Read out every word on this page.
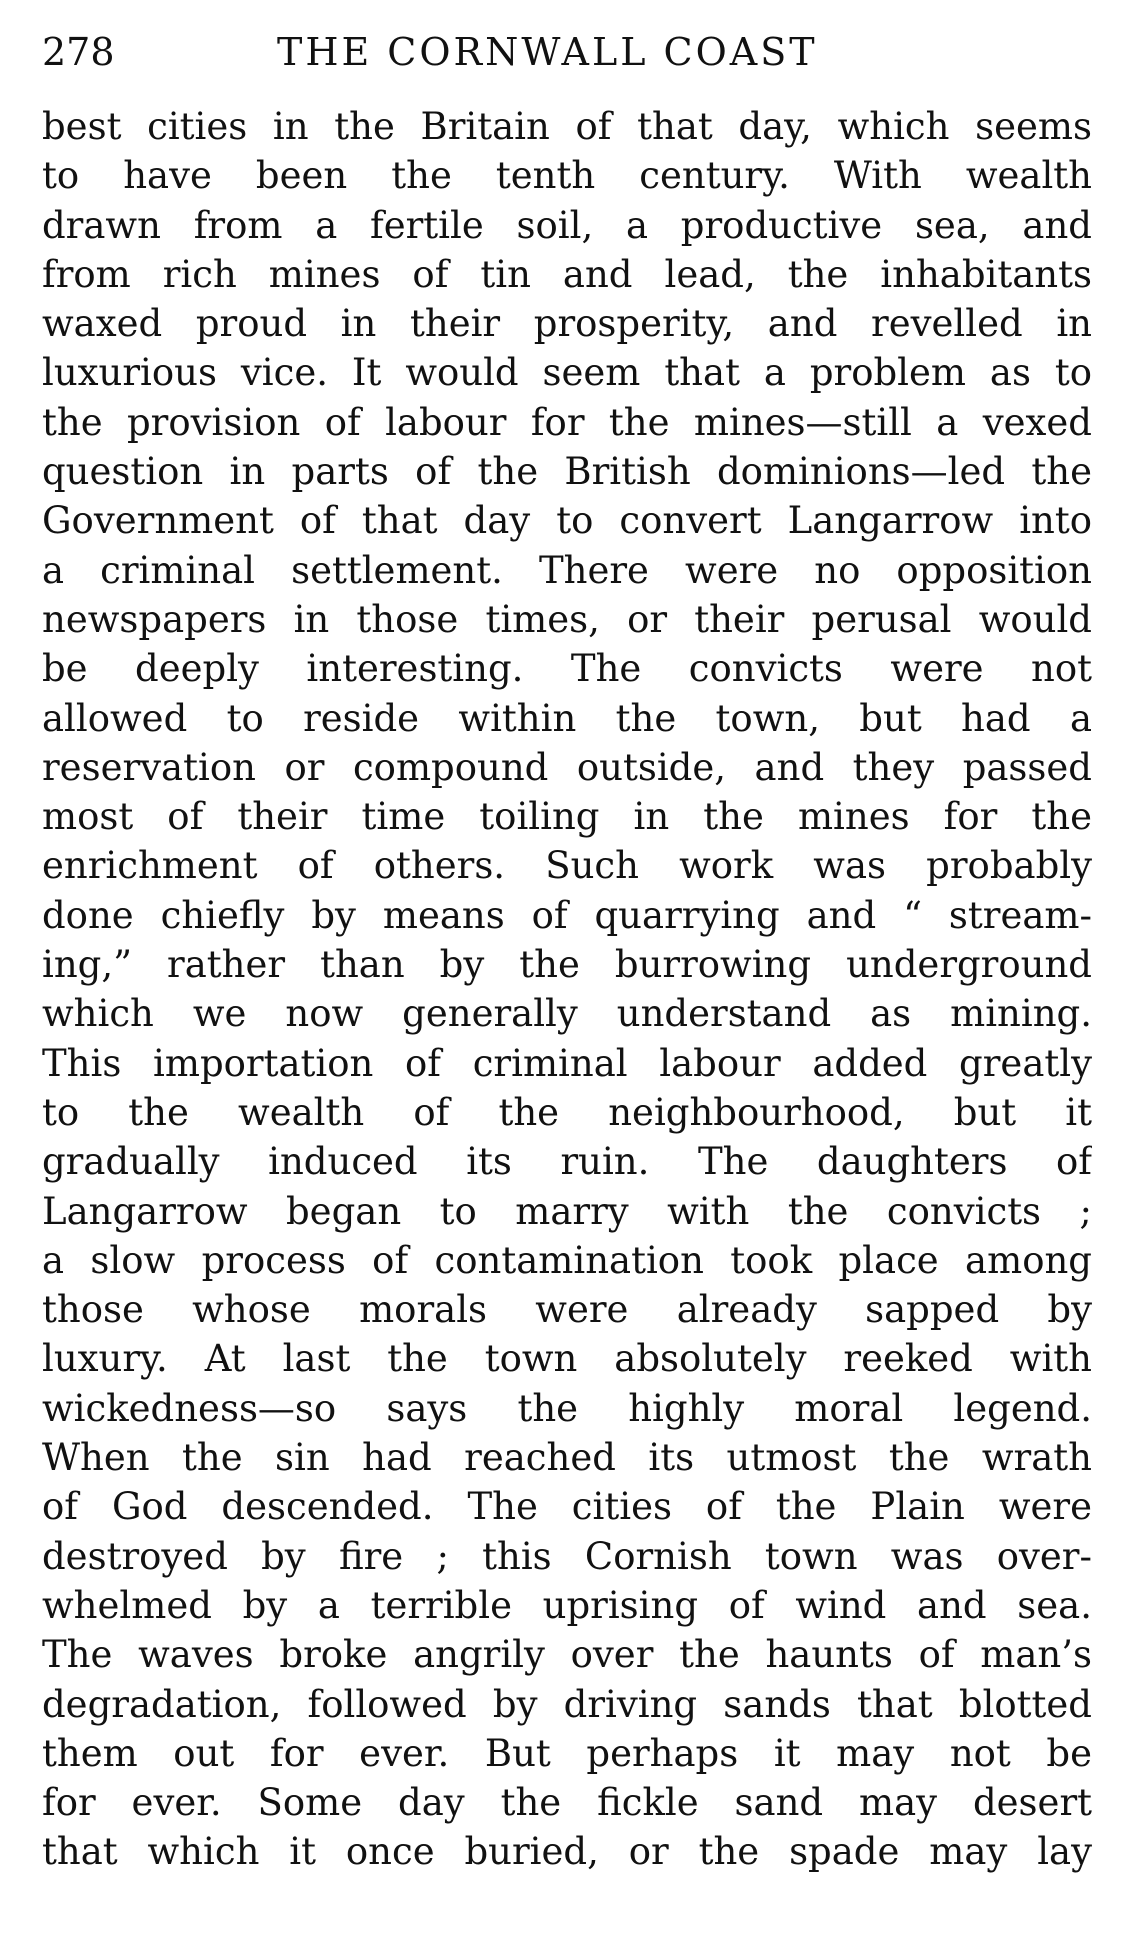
278	THE CORNWALL COAST
best cities in the Britain of that day, which seems
to have been the tenth century. With wealth
drawn from a fertile soil, a productive sea, and
from rich mines of tin and lead, the inhabitants
waxed proud in their prosperity, and revelled in
luxurious vice. It would seem that a problem as to
the provision of labour for the mines—still a vexed
question in parts of the British dominions—led the
Government of that day to convert Langarrow into
a criminal settlement. There were no opposition
newspapers in those times, or their perusal would
be deeply interesting. The convicts were not
allowed to reside within the town, but had a
reservation or compound outside, and they passed
most of their time toiling in the mines for the
enrichment of others. Such work was probably
done chiefly by means of quarrying and “ stream-
ing,” rather than by the burrowing underground
which we now generally understand as mining.
This importation of criminal labour added greatly
to the wealth of the neighbourhood, but it
gradually induced its ruin. The daughters of
Langarrow began to marry with the convicts ;
a slow process of contamination took place among
those whose morals were already sapped by
luxury. At last the town absolutely reeked with
wickedness—so says the highly moral legend.
When the sin had reached its utmost the wrath
of God descended. The cities of the Plain were
destroyed by fire ; this Cornish town was over-
whelmed by a terrible uprising of wind and sea.
The waves broke angrily over the haunts of man’s
degradation, followed by driving sands that blotted
them out for ever. But perhaps it may not be
for ever. Some day the fickle sand may desert
that which it once buried, or the spade may lay
